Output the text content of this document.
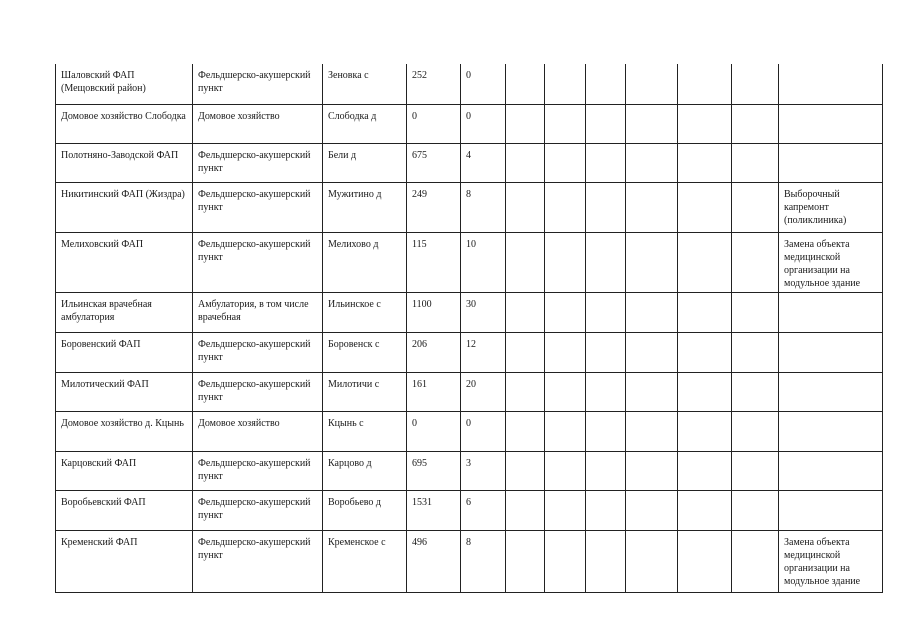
Шаловский ФАП (Мещовский район)	Фельдшерско-акушерский пункт	Зеновка с	252	0							
Домовое хозяйство Слободка	Домовое хозяйство	Слободка д	0	0							
Полотняно-Заводской ФАП	Фельдшерско-акушерский пункт	Бели д	675	4							
Никитинский ФАП (Жиздра)	Фельдшерско-акушерский пункт	Мужитино д	249	8							Выборочный капремонт (поликлиника)
Мелиховский ФАП	Фельдшерско-акушерский пункт	Мелихово д	115	10							Замена объекта медицинской организации на модульное здание
Ильинская врачебная амбулатория	Амбулатория, в том числе врачебная	Ильинское с	1100	30							
Боровенский ФАП	Фельдшерско-акушерский пункт	Боровенск с	206	12							
Милотический ФАП	Фельдшерско-акушерский пункт	Милотичи с	161	20							
Домовое хозяйство д. Кцынь	Домовое хозяйство	Кцынь с	0	0							
Карцовский ФАП	Фельдшерско-акушерский пункт	Карцово д	695	3							
Воробьевский ФАП	Фельдшерско-акушерский пункт	Воробьево д	1531	6							
Кременский ФАП	Фельдшерско-акушерский пункт	Кременское с	496	8							Замена объекта медицинской организации на модульное здание
